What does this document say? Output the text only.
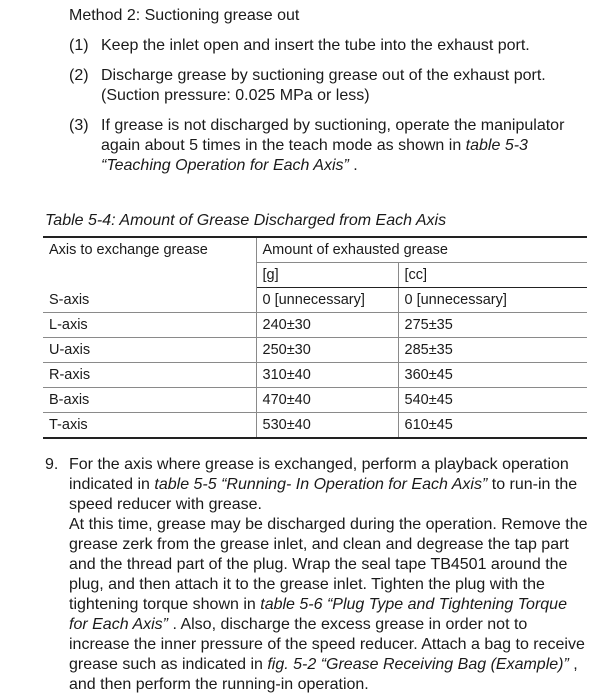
Method 2: Suctioning grease out
(1) Keep the inlet open and insert the tube into the exhaust port.
(2) Discharge grease by suctioning grease out of the exhaust port.
(Suction pressure: 0.025 MPa or less)
(3) If grease is not discharged by suctioning, operate the manipulator again about 5 times in the teach mode as shown in table 5-3 “Teaching Operation for Each Axis” .
Table 5-4: Amount of Grease Discharged from Each Axis
Axis to exchange grease	Amount of exhausted grease	
	[g]	[cc]
S-axis	0 [unnecessary]	0 [unnecessary]
L-axis	240±30	275±35
U-axis	250±30	285±35
R-axis	310±40	360±45
B-axis	470±40	540±45
T-axis	530±40	610±45
9. For the axis where grease is exchanged, perform a playback operation indicated in table 5-5 “Running- In Operation for Each Axis” to run-in the speed reducer with grease.
At this time, grease may be discharged during the operation. Remove the grease zerk from the grease inlet, and clean and degrease the tap part and the thread part of the plug. Wrap the seal tape TB4501 around the plug, and then attach it to the grease inlet. Tighten the plug with the tightening torque shown in table 5-6 “Plug Type and Tightening Torque for Each Axis” . Also, discharge the excess grease in order not to increase the inner pressure of the speed reducer. Attach a bag to receive grease such as indicated in fig. 5-2 “Grease Receiving Bag (Example)” , and then perform the running-in operation.
